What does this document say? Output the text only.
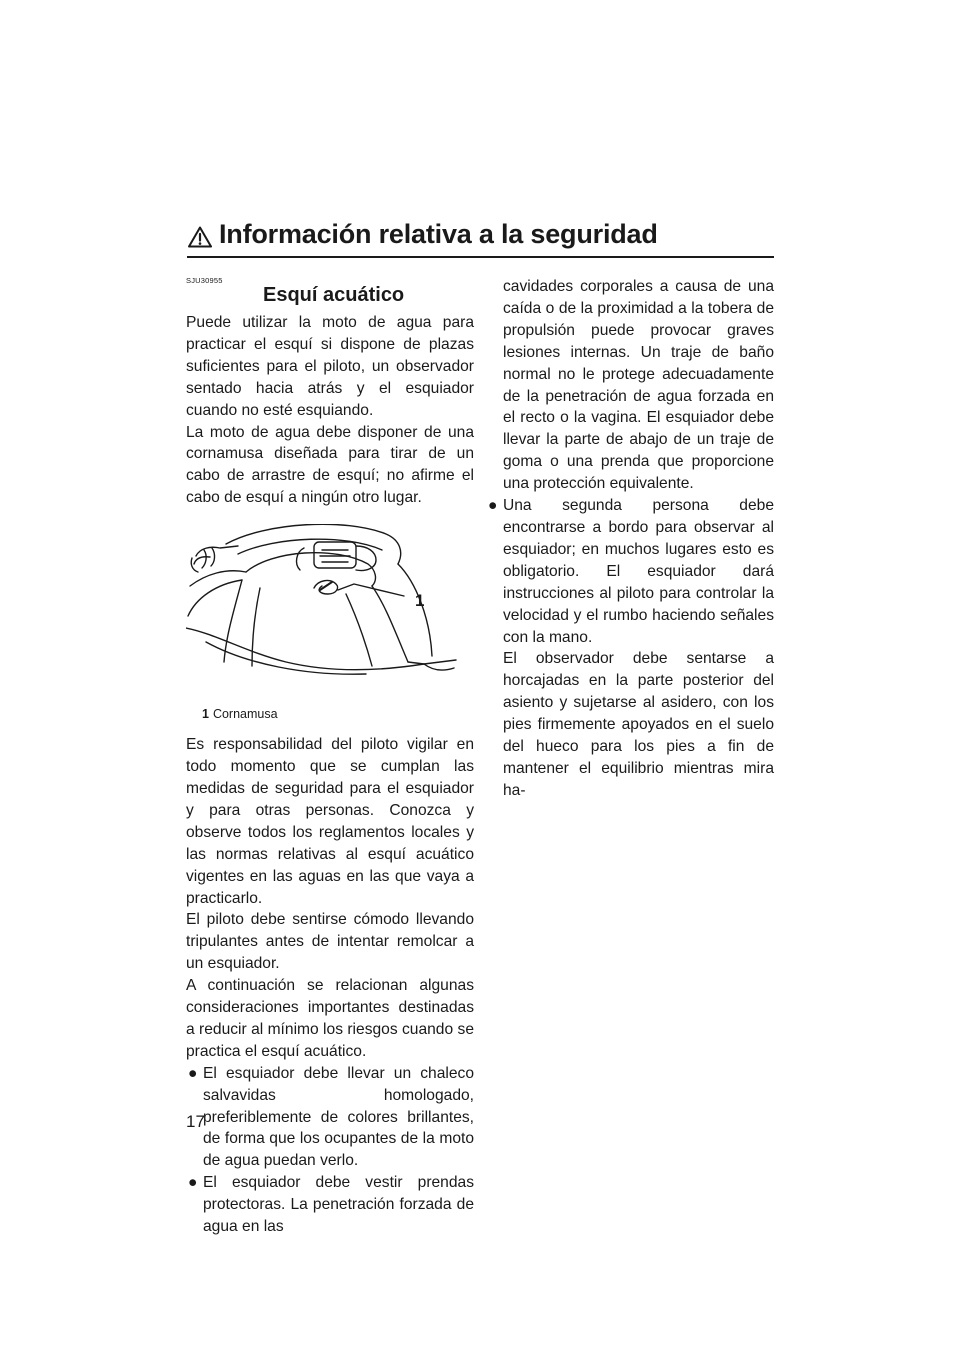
Información relativa a la seguridad
SJU30955
Esquí acuático

Puede utilizar la moto de agua para practicar el esquí si dispone de plazas suficientes para el piloto, un observador sentado hacia atrás y el esquiador cuando no esté esquiando.

La moto de agua debe disponer de una cornamusa diseñada para tirar de un cabo de arrastre de esquí; no afirme el cabo de esquí a ningún otro lugar.

1
1 Cornamusa

Es responsabilidad del piloto vigilar en todo momento que se cumplan las medidas de seguridad para el esquiador y para otras personas. Conozca y observe todos los reglamentos locales y las normas relativas al esquí acuático vigentes en las aguas en las que vaya a practicarlo.

El piloto debe sentirse cómodo llevando tripulantes antes de intentar remolcar a un esquiador.

A continuación se relacionan algunas consideraciones importantes destinadas a reducir al mínimo los riesgos cuando se practica el esquí acuático.

● El esquiador debe llevar un chaleco salvavidas homologado, preferiblemente de colores brillantes, de forma que los ocupantes de la moto de agua puedan verlo.
● El esquiador debe vestir prendas protectoras. La penetración forzada de agua en las

cavidades corporales a causa de una caída o de la proximidad a la tobera de propulsión puede provocar graves lesiones internas. Un traje de baño normal no le protege adecuadamente de la penetración de agua forzada en el recto o la vagina. El esquiador debe llevar la parte de abajo de un traje de goma o una prenda que proporcione una protección equivalente.

● Una segunda persona debe encontrarse a bordo para observar al esquiador; en muchos lugares esto es obligatorio. El esquiador dará instrucciones al piloto para controlar la velocidad y el rumbo haciendo señales con la mano.

El observador debe sentarse a horcajadas en la parte posterior del asiento y sujetarse al asidero, con los pies firmemente apoyados en el suelo del hueco para los pies a fin de mantener el equilibrio mientras mira ha-

17
